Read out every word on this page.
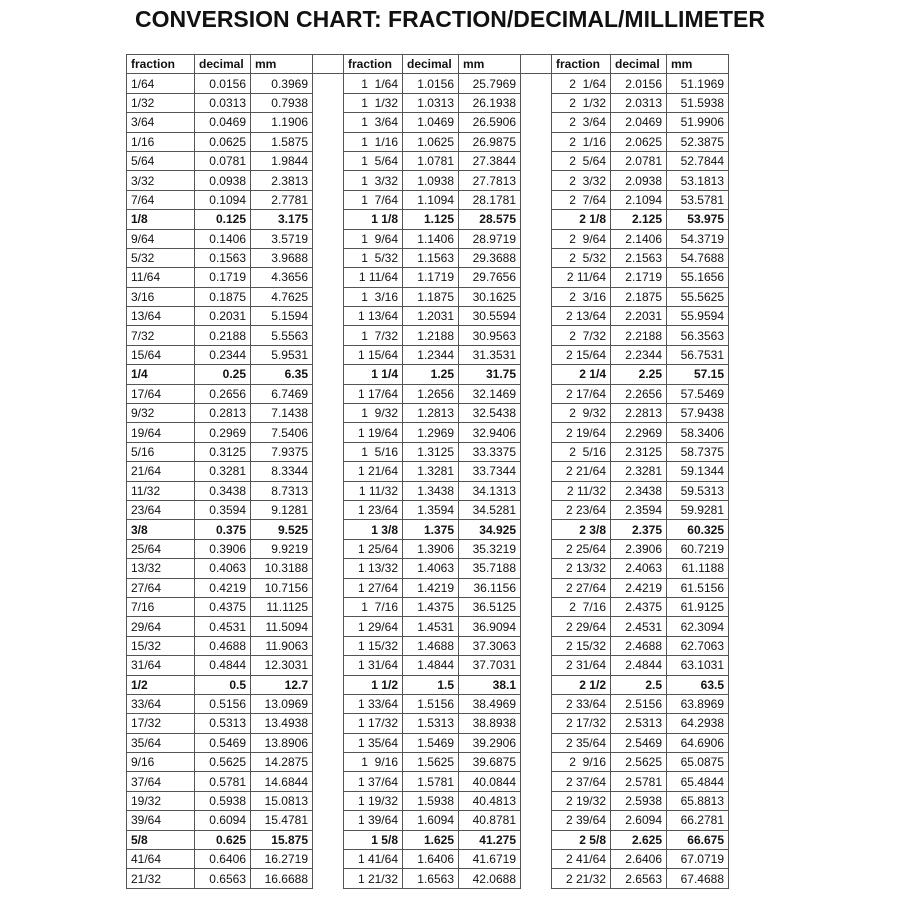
CONVERSION CHART: FRACTION/DECIMAL/MILLIMETER
fraction	decimal	mm		fraction	decimal	mm		fraction	decimal	mm
1/64	0.0156	0.3969		1  1/64	1.0156	25.7969		2  1/64	2.0156	51.1969
1/32	0.0313	0.7938		1  1/32	1.0313	26.1938		2  1/32	2.0313	51.5938
3/64	0.0469	1.1906		1  3/64	1.0469	26.5906		2  3/64	2.0469	51.9906
1/16	0.0625	1.5875		1  1/16	1.0625	26.9875		2  1/16	2.0625	52.3875
5/64	0.0781	1.9844		1  5/64	1.0781	27.3844		2  5/64	2.0781	52.7844
3/32	0.0938	2.3813		1  3/32	1.0938	27.7813		2  3/32	2.0938	53.1813
7/64	0.1094	2.7781		1  7/64	1.1094	28.1781		2  7/64	2.1094	53.5781
1/8	0.125	3.175		1 1/8	1.125	28.575		2 1/8	2.125	53.975
9/64	0.1406	3.5719		1  9/64	1.1406	28.9719		2  9/64	2.1406	54.3719
5/32	0.1563	3.9688		1  5/32	1.1563	29.3688		2  5/32	2.1563	54.7688
11/64	0.1719	4.3656		1 11/64	1.1719	29.7656		2 11/64	2.1719	55.1656
3/16	0.1875	4.7625		1  3/16	1.1875	30.1625		2  3/16	2.1875	55.5625
13/64	0.2031	5.1594		1 13/64	1.2031	30.5594		2 13/64	2.2031	55.9594
7/32	0.2188	5.5563		1  7/32	1.2188	30.9563		2  7/32	2.2188	56.3563
15/64	0.2344	5.9531		1 15/64	1.2344	31.3531		2 15/64	2.2344	56.7531
1/4	0.25	6.35		1 1/4	1.25	31.75		2 1/4	2.25	57.15
17/64	0.2656	6.7469		1 17/64	1.2656	32.1469		2 17/64	2.2656	57.5469
9/32	0.2813	7.1438		1  9/32	1.2813	32.5438		2  9/32	2.2813	57.9438
19/64	0.2969	7.5406		1 19/64	1.2969	32.9406		2 19/64	2.2969	58.3406
5/16	0.3125	7.9375		1  5/16	1.3125	33.3375		2  5/16	2.3125	58.7375
21/64	0.3281	8.3344		1 21/64	1.3281	33.7344		2 21/64	2.3281	59.1344
11/32	0.3438	8.7313		1 11/32	1.3438	34.1313		2 11/32	2.3438	59.5313
23/64	0.3594	9.1281		1 23/64	1.3594	34.5281		2 23/64	2.3594	59.9281
3/8	0.375	9.525		1 3/8	1.375	34.925		2 3/8	2.375	60.325
25/64	0.3906	9.9219		1 25/64	1.3906	35.3219		2 25/64	2.3906	60.7219
13/32	0.4063	10.3188		1 13/32	1.4063	35.7188		2 13/32	2.4063	61.1188
27/64	0.4219	10.7156		1 27/64	1.4219	36.1156		2 27/64	2.4219	61.5156
7/16	0.4375	11.1125		1  7/16	1.4375	36.5125		2  7/16	2.4375	61.9125
29/64	0.4531	11.5094		1 29/64	1.4531	36.9094		2 29/64	2.4531	62.3094
15/32	0.4688	11.9063		1 15/32	1.4688	37.3063		2 15/32	2.4688	62.7063
31/64	0.4844	12.3031		1 31/64	1.4844	37.7031		2 31/64	2.4844	63.1031
1/2	0.5	12.7		1 1/2	1.5	38.1		2 1/2	2.5	63.5
33/64	0.5156	13.0969		1 33/64	1.5156	38.4969		2 33/64	2.5156	63.8969
17/32	0.5313	13.4938		1 17/32	1.5313	38.8938		2 17/32	2.5313	64.2938
35/64	0.5469	13.8906		1 35/64	1.5469	39.2906		2 35/64	2.5469	64.6906
9/16	0.5625	14.2875		1  9/16	1.5625	39.6875		2  9/16	2.5625	65.0875
37/64	0.5781	14.6844		1 37/64	1.5781	40.0844		2 37/64	2.5781	65.4844
19/32	0.5938	15.0813		1 19/32	1.5938	40.4813		2 19/32	2.5938	65.8813
39/64	0.6094	15.4781		1 39/64	1.6094	40.8781		2 39/64	2.6094	66.2781
5/8	0.625	15.875		1 5/8	1.625	41.275		2 5/8	2.625	66.675
41/64	0.6406	16.2719		1 41/64	1.6406	41.6719		2 41/64	2.6406	67.0719
21/32	0.6563	16.6688		1 21/32	1.6563	42.0688		2 21/32	2.6563	67.4688
